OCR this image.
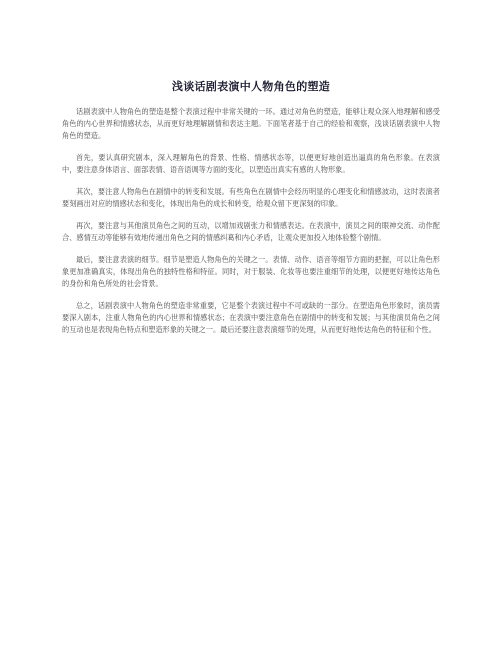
浅谈话剧表演中人物角色的塑造

话剧表演中人物角色的塑造是整个表演过程中非常关键的一环。通过对角色的塑造，能够让观众深入地理解和感受角色的内心世界和情感状态，从而更好地理解剧情和表达主题。下面笔者基于自己的经验和观察，浅谈话剧表演中人物角色的塑造。

首先，要认真研究剧本，深入理解角色的背景、性格、情感状态等，以便更好地创造出逼真的角色形象。在表演中，要注意身体语言、面部表情、语音语调等方面的变化，以塑造出真实有感的人物形象。

其次，要注意人物角色在剧情中的转变和发展。有些角色在剧情中会经历明显的心理变化和情感波动，这时表演者要刻画出对应的情感状态和变化，体现出角色的成长和转变，给观众留下更深刻的印象。

再次，要注意与其他演员角色之间的互动，以增加戏剧张力和情感表达。在表演中，演员之间的眼神交流、动作配合、感情互动等能够有效地传递出角色之间的情感纠葛和内心矛盾，让观众更加投入地体验整个剧情。

最后，要注意表演的细节。细节是塑造人物角色的关键之一。表情、动作、语音等细节方面的把握，可以让角色形象更加准确真实，体现出角色的独特性格和特征。同时，对于服装、化妆等也要注重细节的处理，以便更好地传达角色的身份和角色所处的社会背景。

总之，话剧表演中人物角色的塑造非常重要，它是整个表演过程中不可或缺的一部分。在塑造角色形象时，演员需要深入剧本，注重人物角色的内心世界和情感状态；在表演中要注意角色在剧情中的转变和发展；与其他演员角色之间的互动也是表现角色特点和塑造形象的关键之一。最后还要注意表演细节的处理，从而更好地传达角色的特征和个性。
